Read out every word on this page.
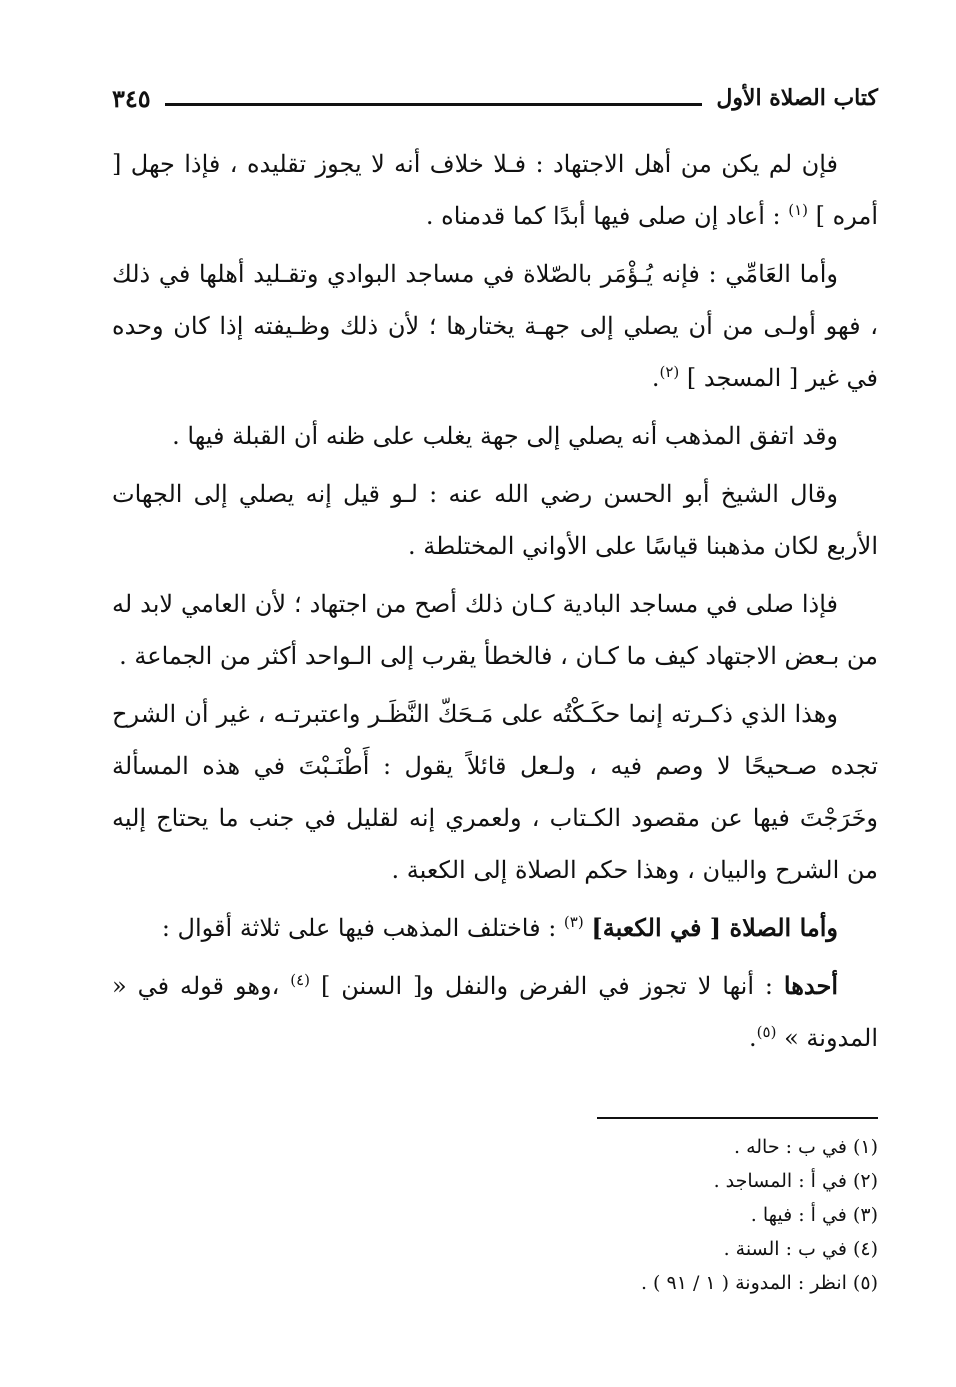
كتاب الصلاة الأول
٣٤٥

فإن لم يكن من أهل الاجتهاد : فـلا خلاف أنه لا يجوز تقليده ، فإذا جهل [ أمره ] $^{(١)}$ : أعاد إن صلى فيها أبدًا كما قدمناه .

وأما العَامِّي : فإنه يُـؤْمَر بالصّلاة في مساجد البوادي وتقـليد أهلها في ذلك ، فهو أولـى من أن يصلي إلى جهـة يختارها ؛ لأن ذلك وظـيفته إذا كان وحده في غير [ المسجد ] $^{(٢)}$.

وقد اتفق المذهب أنه يصلي إلى جهة يغلب على ظنه أن القبلة فيها .

وقال الشيخ أبو الحسن رضي الله عنه : لـو قيل إنه يصلي إلى الجهات الأربع لكان مذهبنا قياسًا على الأواني المختلطة .

فإذا صلى في مساجد البادية كـان ذلك أصح من اجتهاد ؛ لأن العامي لابد له من بـعض الاجتهاد كيف ما كـان ، فالخطأ يقرب إلى الـواحد أكثر من الجماعة .

وهذا الذي ذكـرته إنما حكَـكْتُه على مَـحَكّ النَّظَـر واعتبرتـه ، غير أن الشرح تجده صـحيحًا لا وصم فيه ، ولـعل قائلاً يقول : أَطْنَـبْتَ في هذه المسألة وخَرَجْتَ فيها عن مقصود الكـتاب ، ولعمري إنه لقليل في جنب ما يحتاج إليه من الشرح والبيان ، وهذا حكم الصلاة إلى الكعبة .

وأما الصلاة [ في الكعبة] $^{(٣)}$ : فاختلف المذهب فيها على ثلاثة أقوال :

أحدها : أنها لا تجوز في الفرض والنفل و[ السنن ] $^{(٤)}$ ،وهو قوله في « المدونة » $^{(٥)}$.

(١) في ب : حاله .

(٢) في أ : المساجد .

(٣) في أ : فيها .

(٤) في ب : السنة .

(٥) انظر : المدونة ( ١ / ٩١ ) .
